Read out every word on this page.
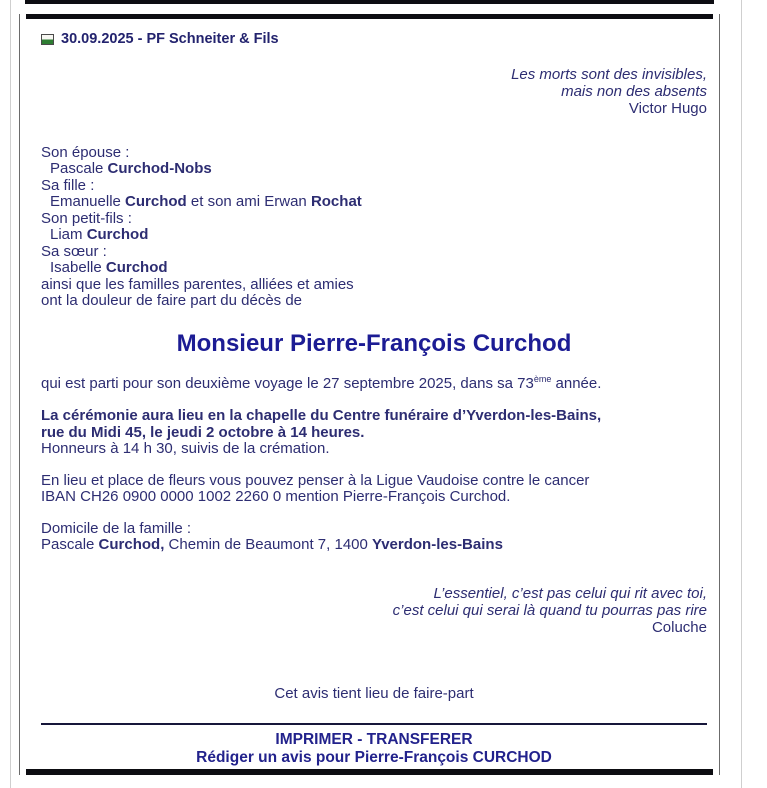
30.09.2025 - PF Schneiter & Fils
Les morts sont des invisibles,
mais non des absents
Victor Hugo
Son épouse :
Pascale Curchod-Nobs
Sa fille :
Emanuelle Curchod et son ami Erwan Rochat
Son petit-fils :
Liam Curchod
Sa sœur :
Isabelle Curchod
ainsi que les familles parentes, alliées et amies
ont la douleur de faire part du décès de
Monsieur Pierre-François Curchod

qui est parti pour son deuxième voyage le 27 septembre 2025, dans sa 73ème année.

La cérémonie aura lieu en la chapelle du Centre funéraire d’Yverdon-les-Bains,
rue du Midi 45, le jeudi 2 octobre à 14 heures.
Honneurs à 14 h 30, suivis de la crémation.
En lieu et place de fleurs vous pouvez penser à la Ligue Vaudoise contre le cancer
IBAN CH26 0900 0000 1002 2260 0 mention Pierre-François Curchod.
Domicile de la famille :
Pascale Curchod, Chemin de Beaumont 7, 1400 Yverdon-les-Bains
L’essentiel, c’est pas celui qui rit avec toi,
c’est celui qui serai là quand tu pourras pas rire
Coluche
Cet avis tient lieu de faire-part
IMPRIMER - TRANSFERER
Rédiger un avis pour Pierre-François CURCHOD
